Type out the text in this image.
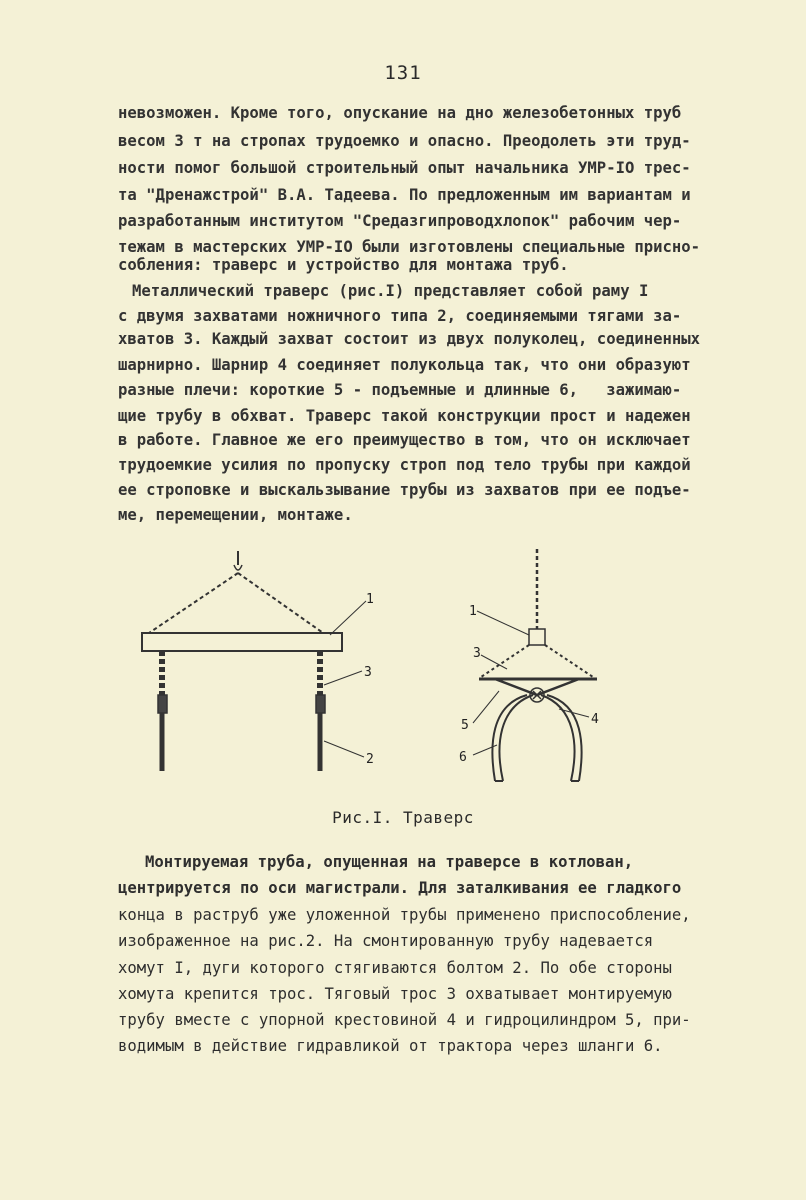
131
невозможен. Кроме того, опускание на дно железобетонных труб
весом 3 т на стропах трудоемко и опасно. Преодолеть эти труд-
ности помог большой строительный опыт начальника УМР-IO трес-
та "Дренажстрой" В.А. Тадеева. По предложенным им вариантам и
разработанным институтом "Средазгипроводхлопок" рабочим чер-
тежам в мастерских УМР-IO были изготовлены специальные присно-
собления: траверс и устройство для монтажа труб.
Металлический траверс (рис.I) представляет собой раму I
с двумя захватами ножничного типа 2, соединяемыми тягами за-
хватов 3. Каждый захват состоит из двух полуколец, соединенных
шарнирно. Шарнир 4 соединяет полукольца так, что они образуют
разные плечи: короткие 5 - подъемные и длинные 6,   зажимаю-
щие трубу в обхват. Траверс такой конструкции прост и надежен
в работе. Главное же его преимущество в том, что он исключает
трудоемкие усилия по пропуску строп под тело трубы при каждой
ее строповке и выскальзывание трубы из захватов при ее подъе-
ме, перемещении, монтаже.
1
3
2
1
3
5	4
6
Рис.I. Траверс
Монтируемая труба, опущенная на траверсе в котлован,
центрируется по оси магистрали. Для заталкивания ее гладкого
конца в раструб уже уложенной трубы применено приспособление,
изображенное на рис.2. На смонтированную трубу надевается
хомут I, дуги которого стягиваются болтом 2. По обе стороны
хомута крепится трос. Тяговый трос 3 охватывает монтируемую
трубу вместе с упорной крестовиной 4 и гидроцилиндром 5, при-
водимым в действие гидравликой от трактора через шланги 6.
